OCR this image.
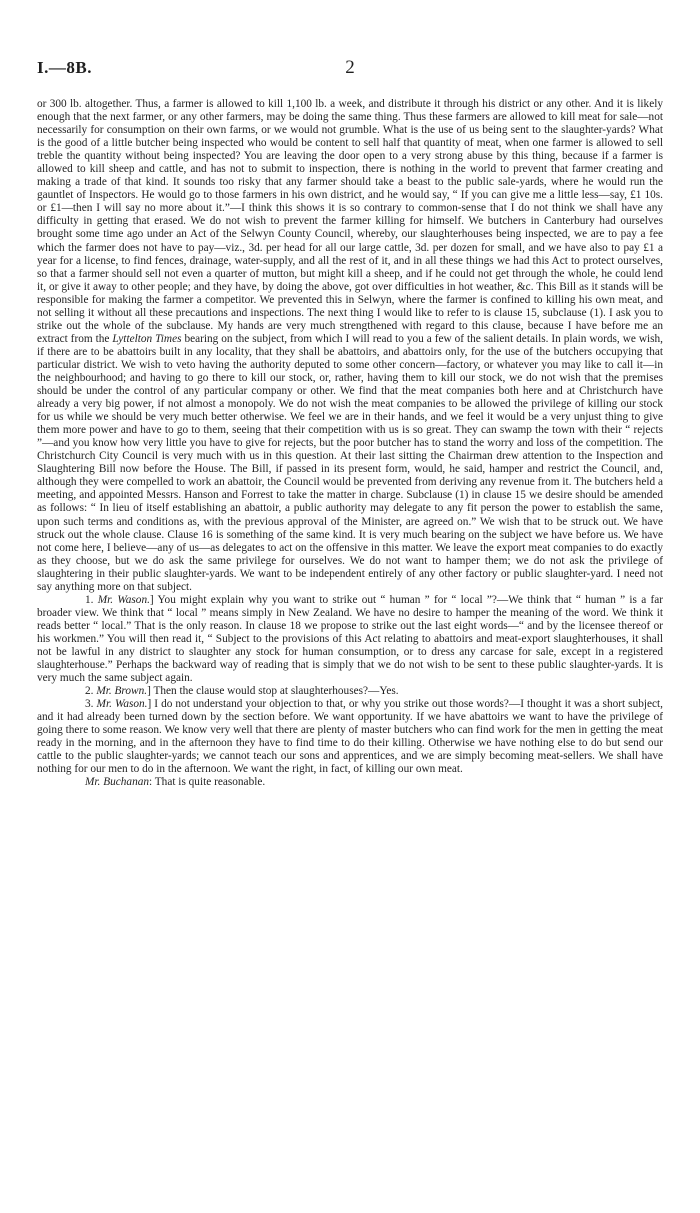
I.—8B.	2

or 300 lb. altogether. Thus, a farmer is allowed to kill 1,100 lb. a week, and distribute it through his district or any other. And it is likely enough that the next farmer, or any other farmers, may be doing the same thing. Thus these farmers are allowed to kill meat for sale—not necessarily for consumption on their own farms, or we would not grumble. What is the use of us being sent to the slaughter-yards? What is the good of a little butcher being inspected who would be content to sell half that quantity of meat, when one farmer is allowed to sell treble the quantity without being inspected? You are leaving the door open to a very strong abuse by this thing, because if a farmer is allowed to kill sheep and cattle, and has not to submit to inspection, there is nothing in the world to prevent that farmer creating and making a trade of that kind. It sounds too risky that any farmer should take a beast to the public sale-yards, where he would run the gauntlet of Inspectors. He would go to those farmers in his own district, and he would say, “ If you can give me a little less—say, £1 10s. or £1—then I will say no more about it.”—I think this shows it is so contrary to common-sense that I do not think we shall have any difficulty in getting that erased. We do not wish to prevent the farmer killing for himself. We butchers in Canterbury had ourselves brought some time ago under an Act of the Selwyn County Council, whereby, our slaughterhouses being inspected, we are to pay a fee which the farmer does not have to pay—viz., 3d. per head for all our large cattle, 3d. per dozen for small, and we have also to pay £1 a year for a license, to find fences, drainage, water-supply, and all the rest of it, and in all these things we had this Act to protect ourselves, so that a farmer should sell not even a quarter of mutton, but might kill a sheep, and if he could not get through the whole, he could lend it, or give it away to other people; and they have, by doing the above, got over difficulties in hot weather, &c. This Bill as it stands will be responsible for making the farmer a competitor. We prevented this in Selwyn, where the farmer is confined to killing his own meat, and not selling it without all these precautions and inspections. The next thing I would like to refer to is clause 15, subclause (1). I ask you to strike out the whole of the subclause. My hands are very much strengthened with regard to this clause, because I have before me an extract from the Lyttelton Times bearing on the subject, from which I will read to you a few of the salient details. In plain words, we wish, if there are to be abattoirs built in any locality, that they shall be abattoirs, and abattoirs only, for the use of the butchers occupying that particular district. We wish to veto having the authority deputed to some other concern—factory, or whatever you may like to call it—in the neighbourhood; and having to go there to kill our stock, or, rather, having them to kill our stock, we do not wish that the premises should be under the control of any particular company or other. We find that the meat companies both here and at Christchurch have already a very big power, if not almost a monopoly. We do not wish the meat companies to be allowed the privilege of killing our stock for us while we should be very much better otherwise. We feel we are in their hands, and we feel it would be a very unjust thing to give them more power and have to go to them, seeing that their competition with us is so great. They can swamp the town with their “ rejects ”—and you know how very little you have to give for rejects, but the poor butcher has to stand the worry and loss of the competition. The Christchurch City Council is very much with us in this question. At their last sitting the Chairman drew attention to the Inspection and Slaughtering Bill now before the House. The Bill, if passed in its present form, would, he said, hamper and restrict the Council, and, although they were compelled to work an abattoir, the Council would be prevented from deriving any revenue from it. The butchers held a meeting, and appointed Messrs. Hanson and Forrest to take the matter in charge. Subclause (1) in clause 15 we desire should be amended as follows: “ In lieu of itself establishing an abattoir, a public authority may delegate to any fit person the power to establish the same, upon such terms and conditions as, with the previous approval of the Minister, are agreed on.” We wish that to be struck out. We have struck out the whole clause. Clause 16 is something of the same kind. It is very much bearing on the subject we have before us. We have not come here, I believe—any of us—as delegates to act on the offensive in this matter. We leave the export meat companies to do exactly as they choose, but we do ask the same privilege for ourselves. We do not want to hamper them; we do not ask the privilege of slaughtering in their public slaughter-yards. We want to be independent entirely of any other factory or public slaughter-yard. I need not say anything more on that subject.

1. Mr. Wason.] You might explain why you want to strike out “ human ” for “ local ”?—We think that “ human ” is a far broader view. We think that “ local ” means simply in New Zealand. We have no desire to hamper the meaning of the word. We think it reads better “ local.” That is the only reason. In clause 18 we propose to strike out the last eight words—“ and by the licensee thereof or his workmen.” You will then read it, “ Subject to the provisions of this Act relating to abattoirs and meat-export slaughterhouses, it shall not be lawful in any district to slaughter any stock for human consumption, or to dress any carcase for sale, except in a registered slaughterhouse.” Perhaps the backward way of reading that is simply that we do not wish to be sent to these public slaughter-yards. It is very much the same subject again.

2. Mr. Brown.] Then the clause would stop at slaughterhouses?—Yes.

3. Mr. Wason.] I do not understand your objection to that, or why you strike out those words?—I thought it was a short subject, and it had already been turned down by the section before. We want opportunity. If we have abattoirs we want to have the privilege of going there to some reason. We know very well that there are plenty of master butchers who can find work for the men in getting the meat ready in the morning, and in the afternoon they have to find time to do their killing. Otherwise we have nothing else to do but send our cattle to the public slaughter-yards; we cannot teach our sons and apprentices, and we are simply becoming meat-sellers. We shall have nothing for our men to do in the afternoon. We want the right, in fact, of killing our own meat.

Mr. Buchanan: That is quite reasonable.
